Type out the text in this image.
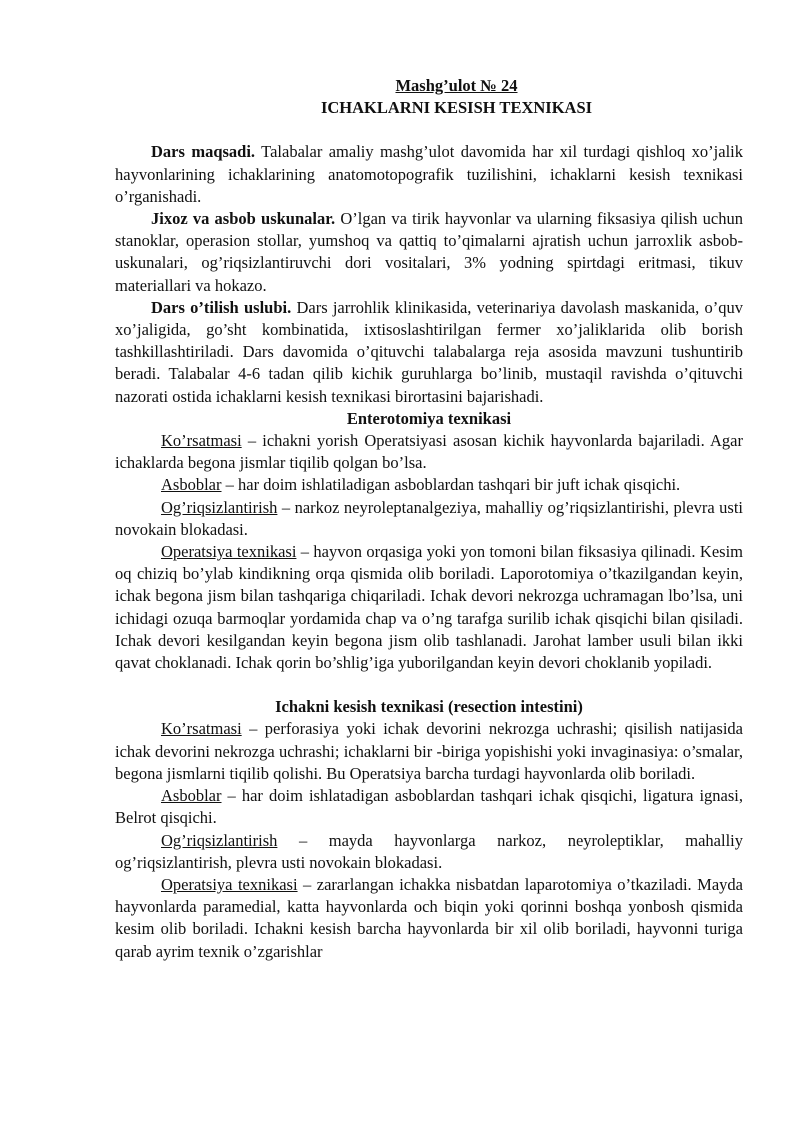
Mashg’ulot № 24
ICHAKLARNI KESISH TEXNIKASI

Dars maqsadi. Talabalar amaliy mashg’ulot davomida har xil turdagi qishloq xo’jalik hayvonlarining ichaklarining anatomotopografik tuzilishini, ichaklarni kesish texnikasi o’rganishadi.

Jixoz va asbob uskunalar. O’lgan va tirik hayvonlar va ularning fiksasiya qilish uchun stanoklar, operasion stollar, yumshoq va qattiq to’qimalarni ajratish uchun jarroxlik asbob-uskunalari, og’riqsizlantiruvchi dori vositalari, 3% yodning spirtdagi eritmasi, tikuv materiallari va hokazo.

Dars o’tilish uslubi. Dars jarrohlik klinikasida, veterinariya davolash maskanida, o’quv xo’jaligida, go’sht kombinatida, ixtisoslashtirilgan fermer xo’jaliklarida olib borish tashkillashtiriladi. Dars davomida o’qituvchi talabalarga reja asosida mavzuni tushuntirib beradi. Talabalar 4-6 tadan qilib kichik guruhlarga bo’linib, mustaqil ravishda o’qituvchi nazorati ostida ichaklarni kesish texnikasi birortasini bajarishadi.

Enterotomiya texnikasi

Ko’rsatmasi – ichakni yorish Operatsiyasi asosan kichik hayvonlarda bajariladi. Agar ichaklarda begona jismlar tiqilib qolgan bo’lsa.

Asboblar – har doim ishlatiladigan asboblardan tashqari bir juft ichak qisqichi.

Og’riqsizlantirish – narkoz neyroleptanalgeziya, mahalliy og’riqsizlantirishi, plevra usti novokain blokadasi.

Operatsiya texnikasi – hayvon orqasiga yoki yon tomoni bilan fiksasiya qilinadi. Kesim oq chiziq bo’ylab kindikning orqa qismida olib boriladi. Laporotomiya o’tkazilgandan keyin, ichak begona jism bilan tashqariga chiqariladi. Ichak devori nekrozga uchramagan lbo’lsa, uni ichidagi ozuqa barmoqlar yordamida chap va o’ng tarafga surilib ichak qisqichi bilan qisiladi. Ichak devori kesilgandan keyin begona jism olib tashlanadi. Jarohat lamber usuli bilan ikki qavat choklanadi. Ichak qorin bo’shlig’iga yuborilgandan keyin devori choklanib yopiladi.

Ichakni kesish texnikasi (resection intestini)

Ko’rsatmasi – perforasiya yoki ichak devorini nekrozga uchrashi; qisilish natijasida ichak devorini nekrozga uchrashi; ichaklarni bir -biriga yopishishi yoki invaginasiya: o’smalar, begona jismlarni tiqilib qolishi. Bu Operatsiya barcha turdagi hayvonlarda olib boriladi.

Asboblar – har doim ishlatadigan asboblardan tashqari ichak qisqichi, ligatura ignasi, Belrot qisqichi.

Og’riqsizlantirish – mayda hayvonlarga narkoz, neyroleptiklar, mahalliy og’riqsizlantirish, plevra usti novokain blokadasi.

Operatsiya texnikasi – zararlangan ichakka nisbatdan laparotomiya o’tkaziladi. Mayda hayvonlarda paramedial, katta hayvonlarda och biqin yoki qorinni boshqa yonbosh qismida kesim olib boriladi. Ichakni kesish barcha hayvonlarda bir xil olib boriladi, hayvonni turiga qarab ayrim texnik o’zgarishlar
